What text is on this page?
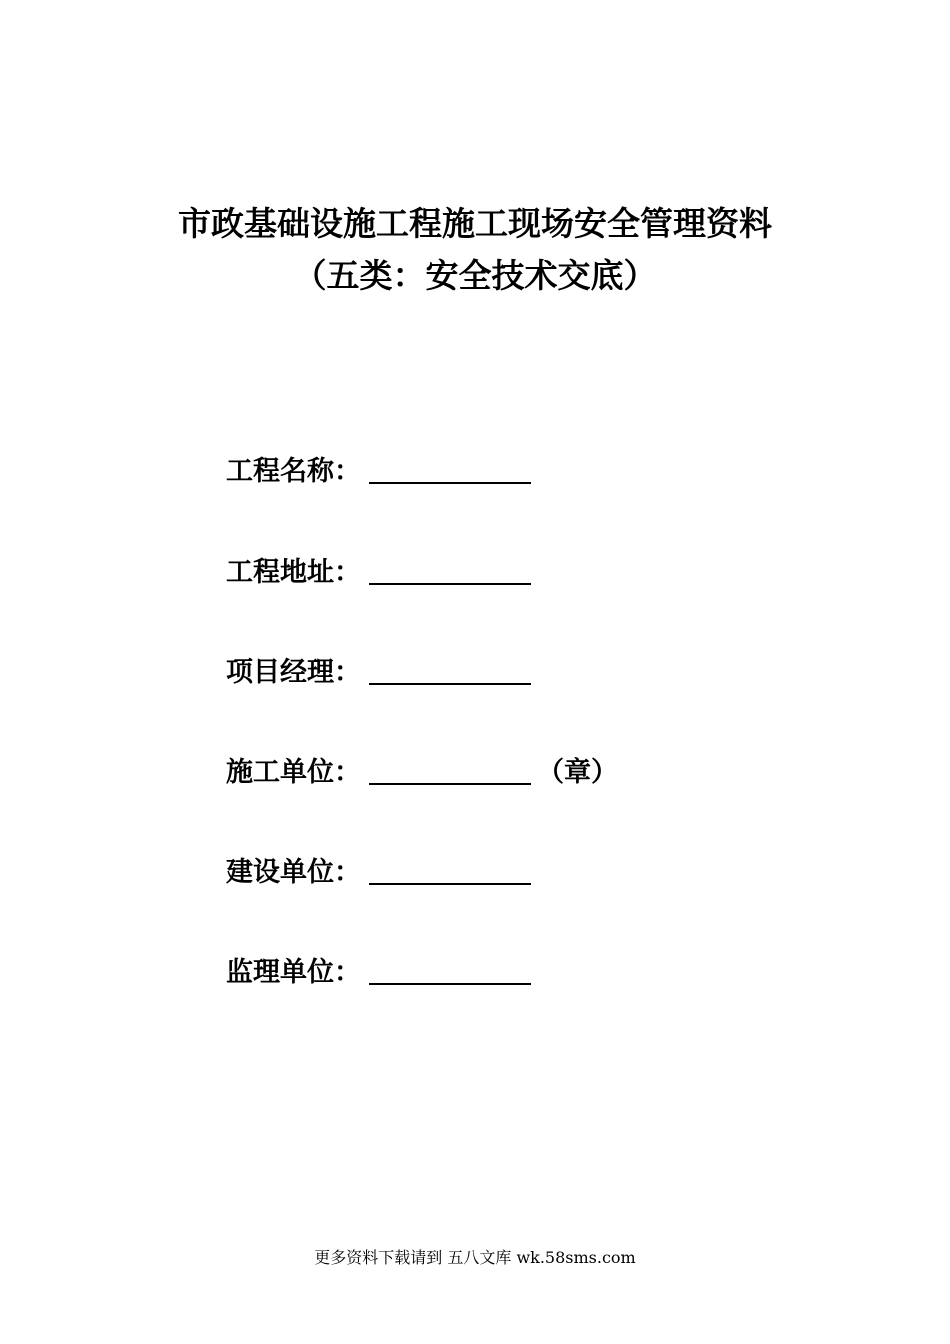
市政基础设施工程施工现场安全管理资料
（五类：安全技术交底）
工程名称：
工程地址：
项目经理：
施工单位：	（章）
建设单位：
监理单位：
更多资料下载请到 五八文库 wk.58sms.com
